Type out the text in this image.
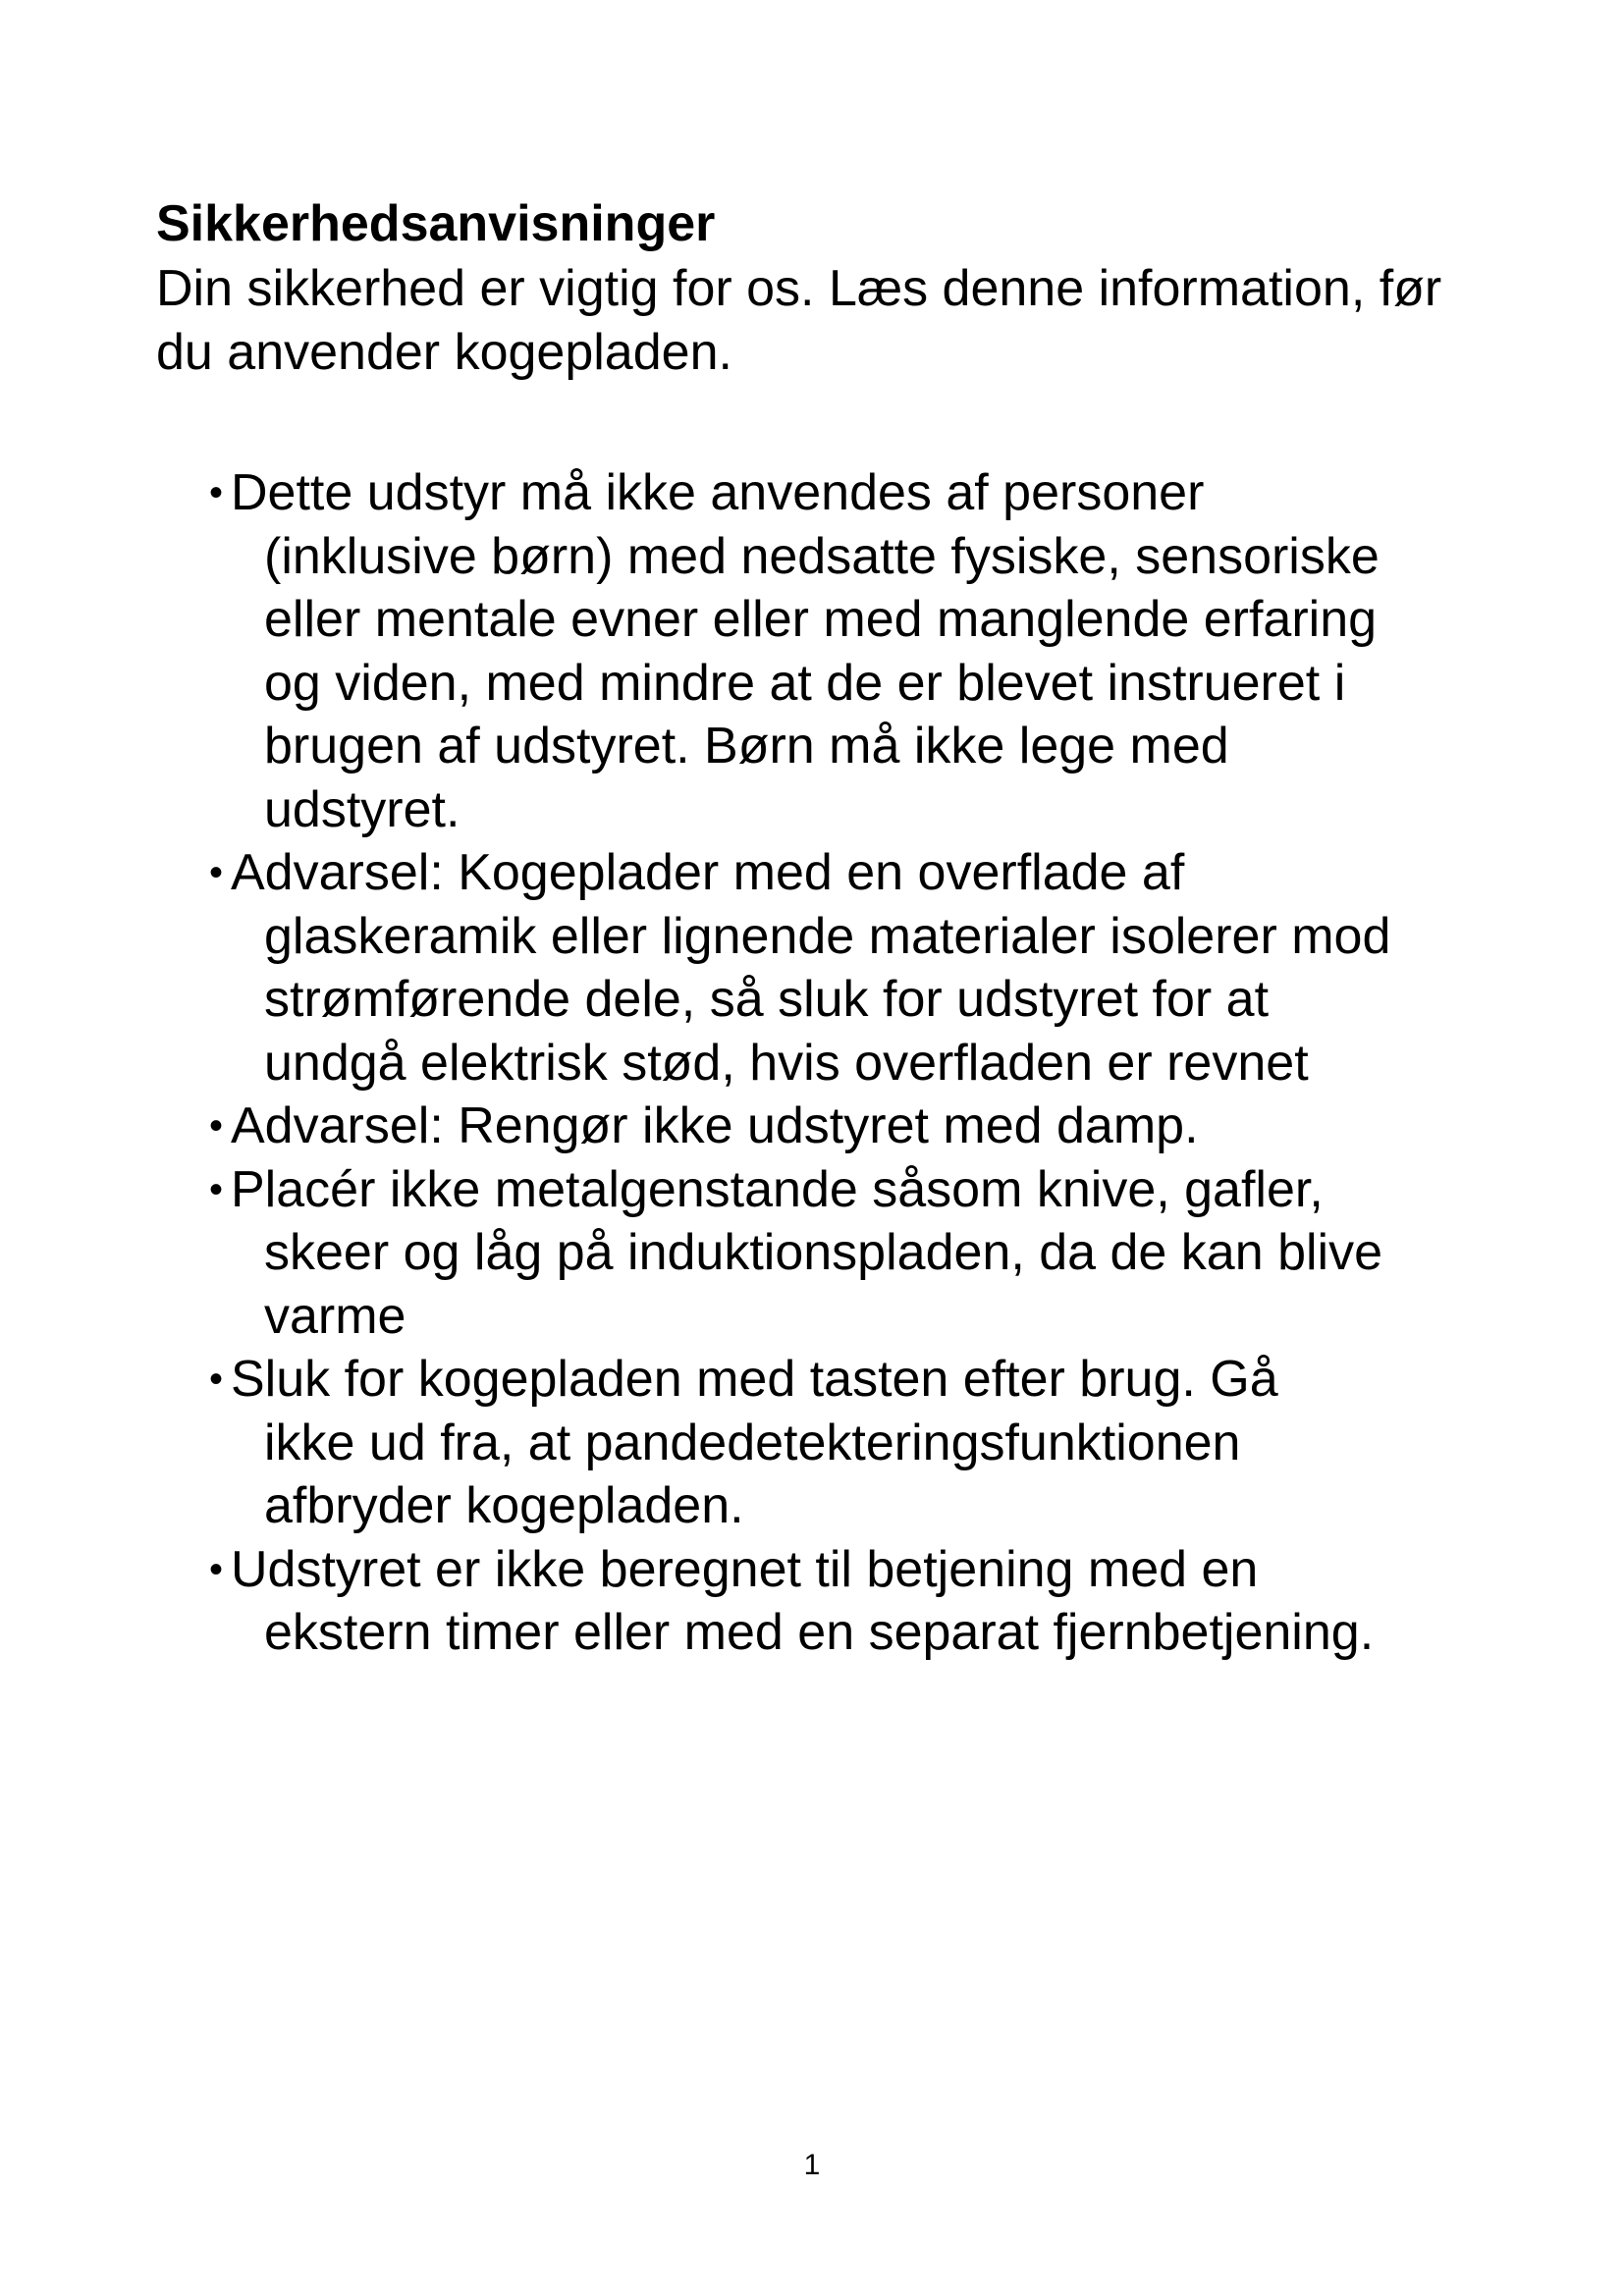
Sikkerhedsanvisninger

Din sikkerhed er vigtig for os. Læs denne information, før
du anvender kogepladen.

• Dette udstyr må ikke anvendes af personer
(inklusive børn) med nedsatte fysiske, sensoriske
eller mentale evner eller med manglende erfaring
og viden, med mindre at de er blevet instrueret i
brugen af udstyret. Børn må ikke lege med
udstyret.
• Advarsel: Kogeplader med en overflade af
glaskeramik eller lignende materialer isolerer mod
strømførende dele, så sluk for udstyret for at
undgå elektrisk stød, hvis overfladen er revnet
• Advarsel: Rengør ikke udstyret med damp.
• Placér ikke metalgenstande såsom knive, gafler,
skeer og låg på induktionspladen, da de kan blive
varme
• Sluk for kogepladen med tasten efter brug. Gå
ikke ud fra, at pandedetekteringsfunktionen
afbryder kogepladen.
• Udstyret er ikke beregnet til betjening med en
ekstern timer eller med en separat fjernbetjening.
1
